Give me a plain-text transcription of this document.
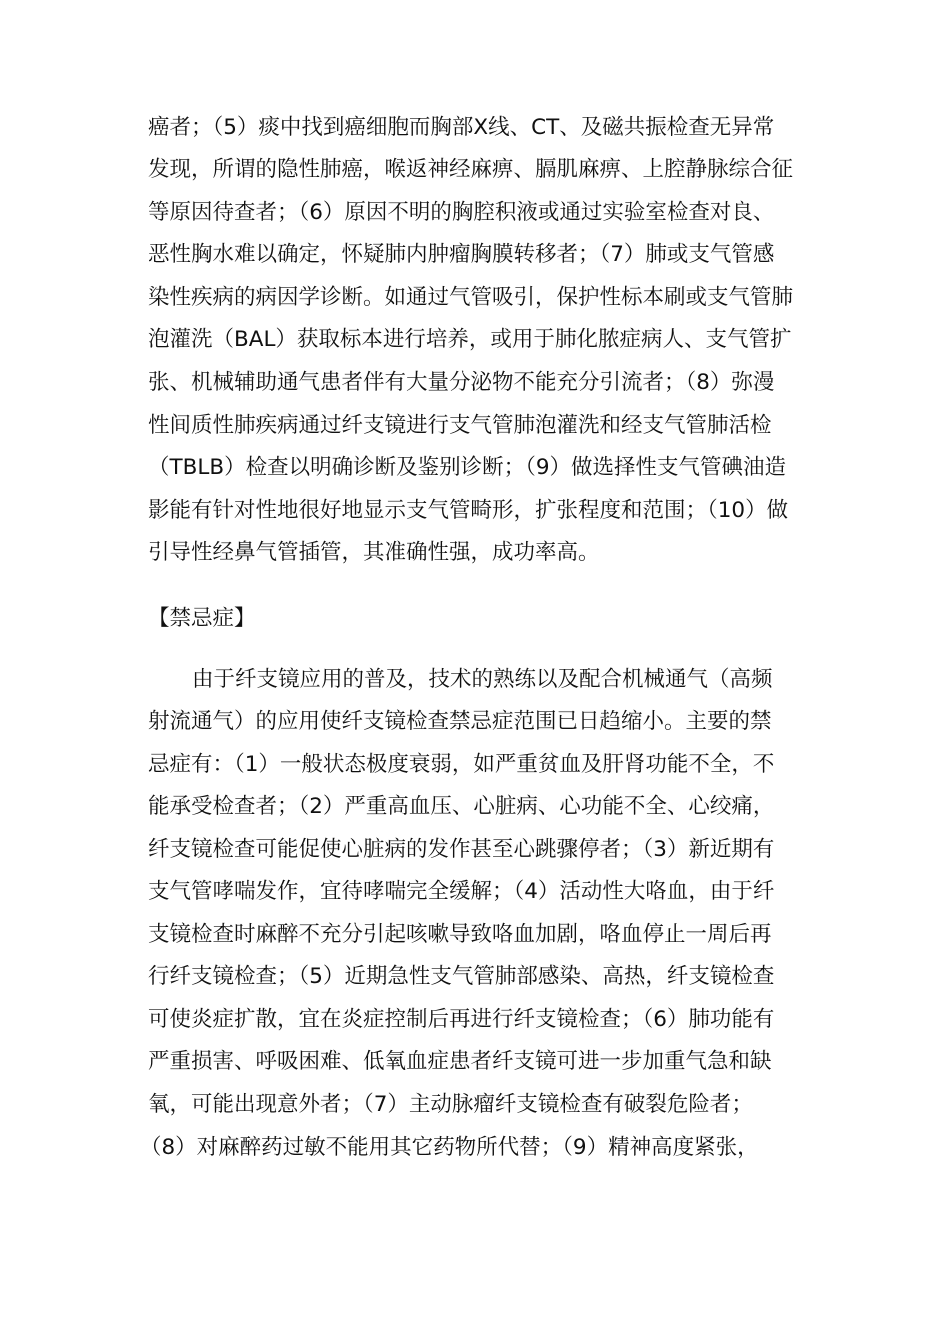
癌者；（5）痰中找到癌细胞而胸部X线、CT、及磁共振检查无异常
发现，所谓的隐性肺癌，喉返神经麻痹、膈肌麻痹、上腔静脉综合征
等原因待查者；（6）原因不明的胸腔积液或通过实验室检查对良、
恶性胸水难以确定，怀疑肺内肿瘤胸膜转移者；（7）肺或支气管感
染性疾病的病因学诊断。如通过气管吸引，保护性标本刷或支气管肺
泡灌洗（BAL）获取标本进行培养，或用于肺化脓症病人、支气管扩
张、机械辅助通气患者伴有大量分泌物不能充分引流者；（8）弥漫
性间质性肺疾病通过纤支镜进行支气管肺泡灌洗和经支气管肺活检
（TBLB）检查以明确诊断及鉴别诊断；（9）做选择性支气管碘油造
影能有针对性地很好地显示支气管畸形，扩张程度和范围；（10）做
引导性经鼻气管插管，其准确性强，成功率高。
【禁忌症】
由于纤支镜应用的普及，技术的熟练以及配合机械通气（高频
射流通气）的应用使纤支镜检查禁忌症范围已日趋缩小。主要的禁
忌症有：（1）一般状态极度衰弱，如严重贫血及肝肾功能不全，不
能承受检查者；（2）严重高血压、心脏病、心功能不全、心绞痛，
纤支镜检查可能促使心脏病的发作甚至心跳骤停者；（3）新近期有
支气管哮喘发作，宜待哮喘完全缓解；（4）活动性大咯血，由于纤
支镜检查时麻醉不充分引起咳嗽导致咯血加剧，咯血停止一周后再
行纤支镜检查；（5）近期急性支气管肺部感染、高热，纤支镜检查
可使炎症扩散，宜在炎症控制后再进行纤支镜检查；（6）肺功能有
严重损害、呼吸困难、低氧血症患者纤支镜可进一步加重气急和缺
氧，可能出现意外者；（7）主动脉瘤纤支镜检查有破裂危险者；
（8）对麻醉药过敏不能用其它药物所代替；（9）精神高度紧张，
